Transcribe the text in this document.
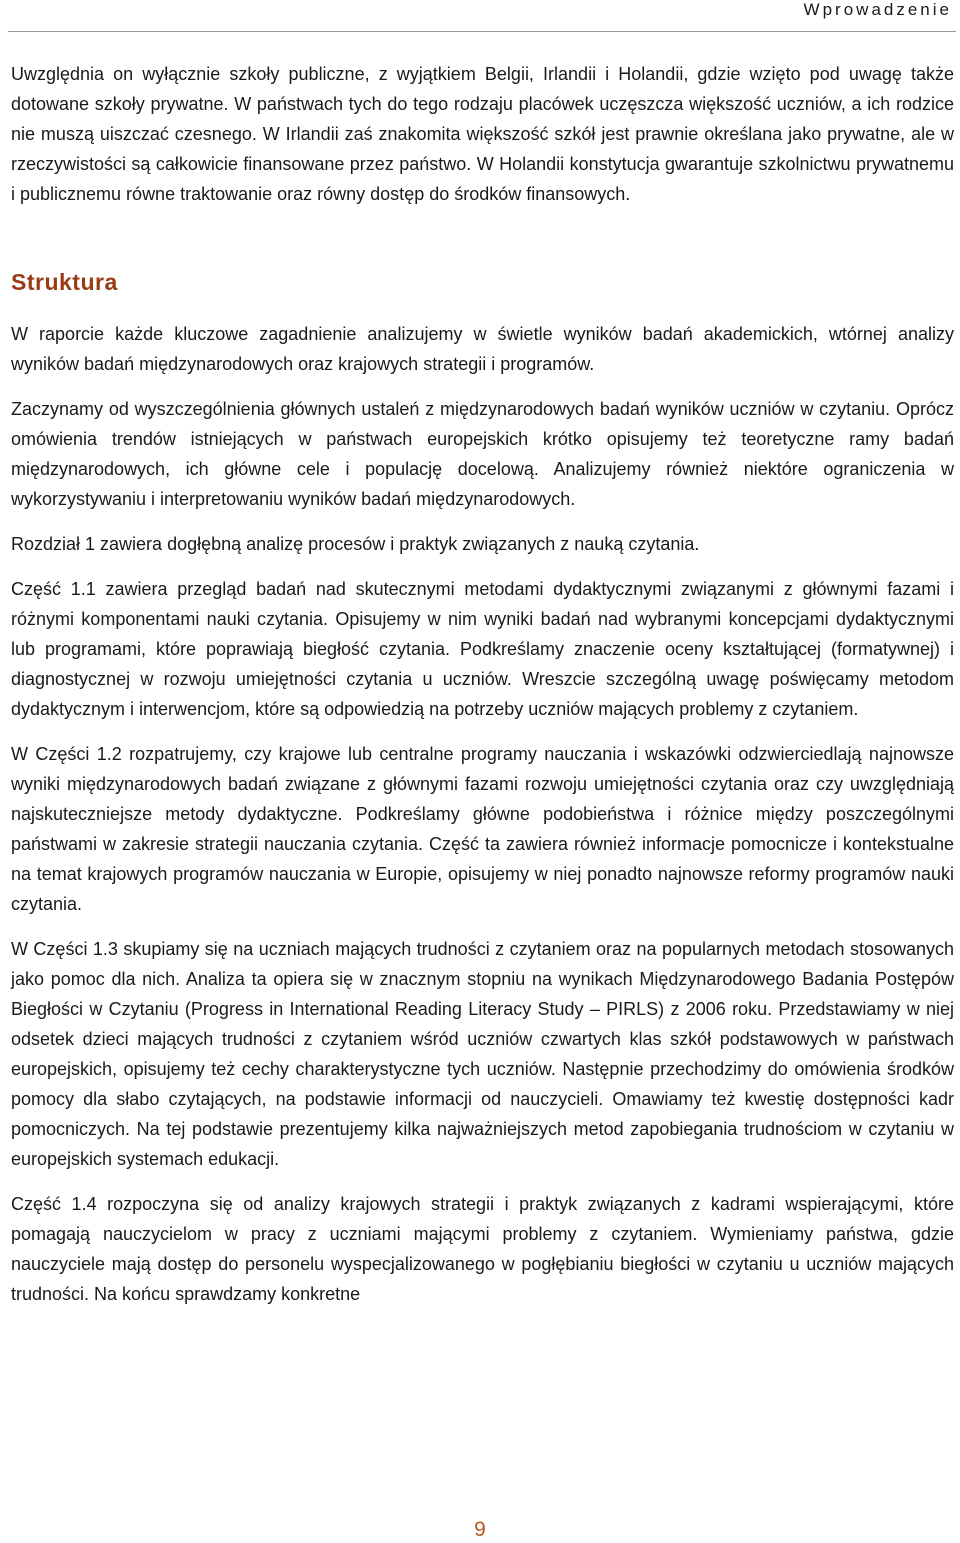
Wprowadzenie

Uwzględnia on wyłącznie szkoły publiczne, z wyjątkiem Belgii, Irlandii i Holandii, gdzie wzięto pod uwagę także dotowane szkoły prywatne. W państwach tych do tego rodzaju placówek uczęszcza większość uczniów, a ich rodzice nie muszą uiszczać czesnego. W Irlandii zaś znakomita większość szkół jest prawnie określana jako prywatne, ale w rzeczywistości są całkowicie finansowane przez państwo. W Holandii konstytucja gwarantuje szkolnictwu prywatnemu i publicznemu równe traktowanie oraz równy dostęp do środków finansowych.

Struktura

W raporcie każde kluczowe zagadnienie analizujemy w świetle wyników badań akademickich, wtórnej analizy wyników badań międzynarodowych oraz krajowych strategii i programów.

Zaczynamy od wyszczególnienia głównych ustaleń z międzynarodowych badań wyników uczniów w czytaniu. Oprócz omówienia trendów istniejących w państwach europejskich krótko opisujemy też teoretyczne ramy badań międzynarodowych, ich główne cele i populację docelową. Analizujemy również niektóre ograniczenia w wykorzystywaniu i interpretowaniu wyników badań międzynarodowych.

Rozdział 1 zawiera dogłębną analizę procesów i praktyk związanych z nauką czytania.

Część 1.1 zawiera przegląd badań nad skutecznymi metodami dydaktycznymi związanymi z głównymi fazami i różnymi komponentami nauki czytania. Opisujemy w nim wyniki badań nad wybranymi koncepcjami dydaktycznymi lub programami, które poprawiają biegłość czytania. Podkreślamy znaczenie oceny kształtującej (formatywnej) i diagnostycznej w rozwoju umiejętności czytania u uczniów. Wreszcie szczególną uwagę poświęcamy metodom dydaktycznym i interwencjom, które są odpowiedzią na potrzeby uczniów mających problemy z czytaniem.

W Części 1.2 rozpatrujemy, czy krajowe lub centralne programy nauczania i wskazówki odzwierciedlają najnowsze wyniki międzynarodowych badań związane z głównymi fazami rozwoju umiejętności czytania oraz czy uwzględniają najskuteczniejsze metody dydaktyczne. Podkreślamy główne podobieństwa i różnice między poszczególnymi państwami w zakresie strategii nauczania czytania. Część ta zawiera również informacje pomocnicze i kontekstualne na temat krajowych programów nauczania w Europie, opisujemy w niej ponadto najnowsze reformy programów nauki czytania.

W Części 1.3 skupiamy się na uczniach mających trudności z czytaniem oraz na popularnych metodach stosowanych jako pomoc dla nich. Analiza ta opiera się w znacznym stopniu na wynikach Międzynarodowego Badania Postępów Biegłości w Czytaniu (Progress in International Reading Literacy Study – PIRLS) z 2006 roku. Przedstawiamy w niej odsetek dzieci mających trudności z czytaniem wśród uczniów czwartych klas szkół podstawowych w państwach europejskich, opisujemy też cechy charakterystyczne tych uczniów. Następnie przechodzimy do omówienia środków pomocy dla słabo czytających, na podstawie informacji od nauczycieli. Omawiamy też kwestię dostępności kadr pomocniczych. Na tej podstawie prezentujemy kilka najważniejszych metod zapobiegania trudnościom w czytaniu w europejskich systemach edukacji.

Część 1.4 rozpoczyna się od analizy krajowych strategii i praktyk związanych z kadrami wspierającymi, które pomagają nauczycielom w pracy z uczniami mającymi problemy z czytaniem. Wymieniamy państwa, gdzie nauczyciele mają dostęp do personelu wyspecjalizowanego w pogłębianiu biegłości w czytaniu u uczniów mających trudności. Na końcu sprawdzamy konkretne

9
